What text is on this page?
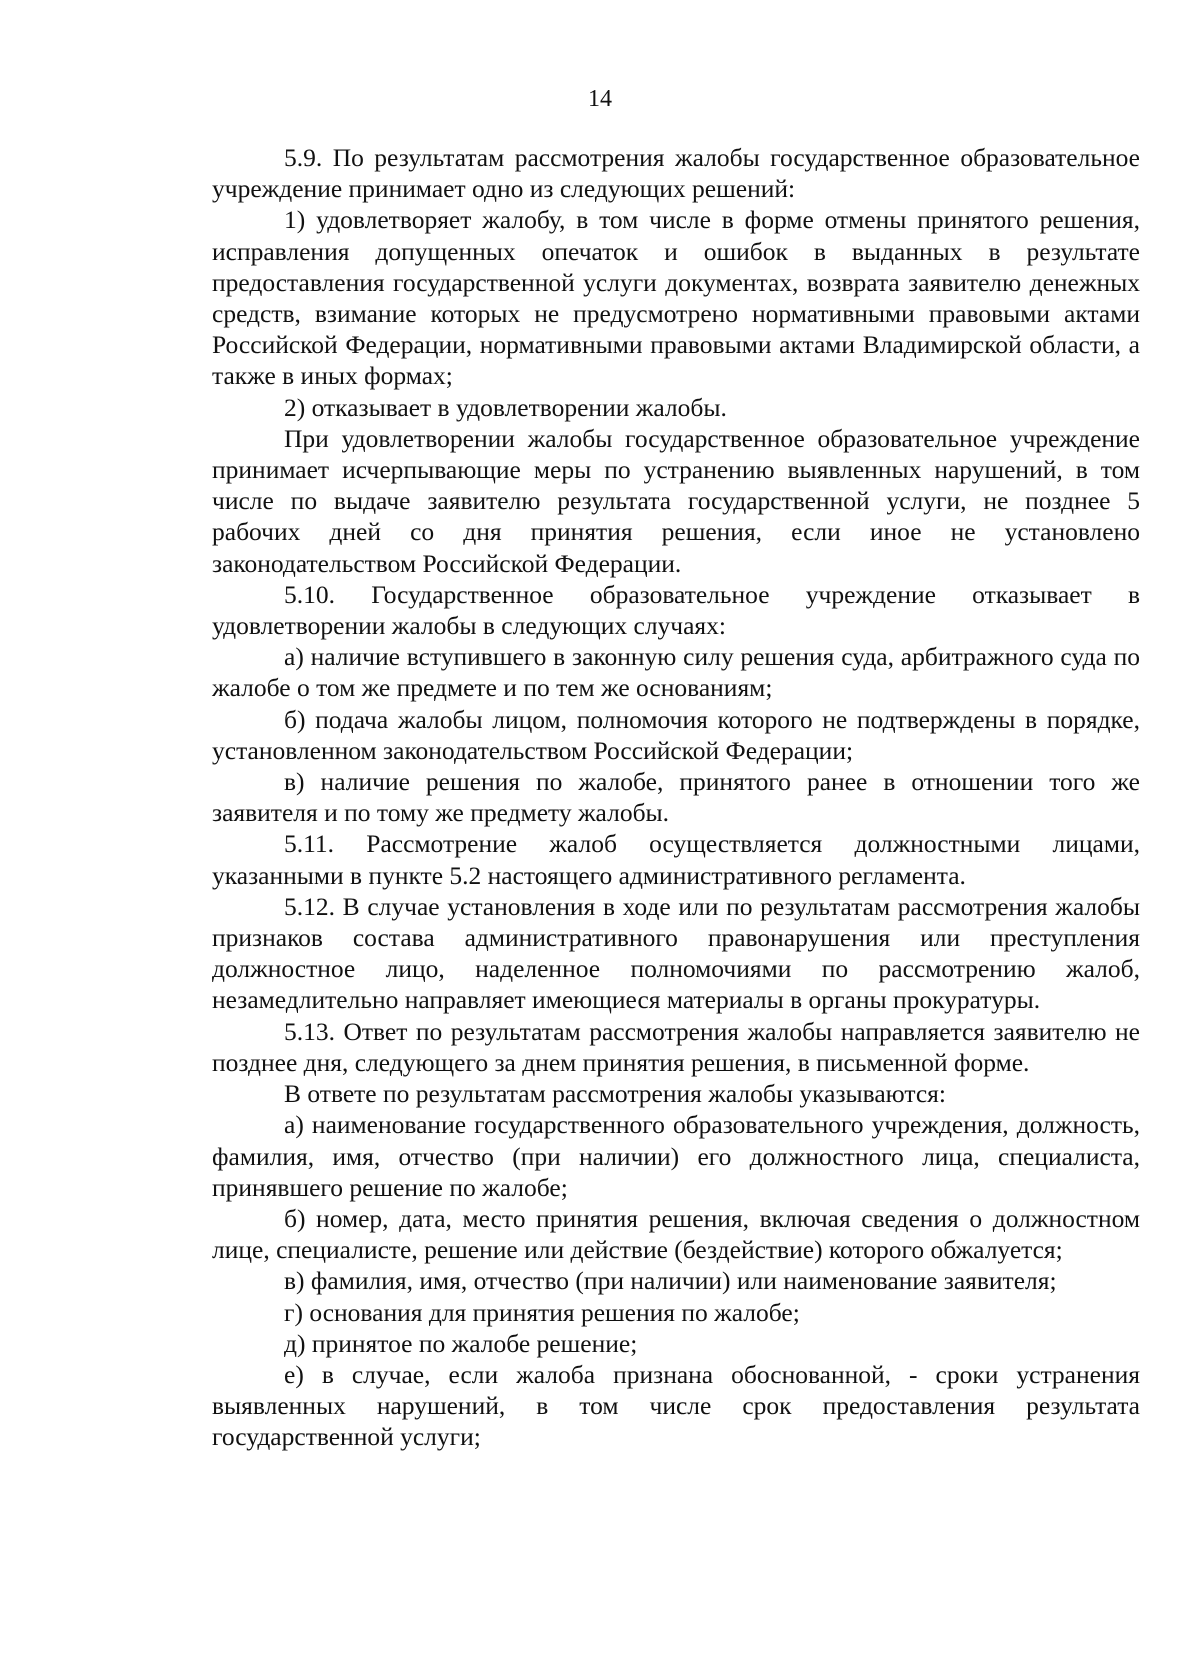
14

5.9. По результатам рассмотрения жалобы государственное образовательное учреждение принимает одно из следующих решений:

1) удовлетворяет жалобу, в том числе в форме отмены принятого решения, исправления допущенных опечаток и ошибок в выданных в результате предоставления государственной услуги документах, возврата заявителю денежных средств, взимание которых не предусмотрено нормативными правовыми актами Российской Федерации, нормативными правовыми актами Владимирской области, а также в иных формах;

2) отказывает в удовлетворении жалобы.

При удовлетворении жалобы государственное образовательное учреждение принимает исчерпывающие меры по устранению выявленных нарушений, в том числе по выдаче заявителю результата государственной услуги, не позднее 5 рабочих дней со дня принятия решения, если иное не установлено законодательством Российской Федерации.

5.10. Государственное образовательное учреждение отказывает в удовлетворении жалобы в следующих случаях:

а) наличие вступившего в законную силу решения суда, арбитражного суда по жалобе о том же предмете и по тем же основаниям;

б) подача жалобы лицом, полномочия которого не подтверждены в порядке, установленном законодательством Российской Федерации;

в) наличие решения по жалобе, принятого ранее в отношении того же заявителя и по тому же предмету жалобы.

5.11. Рассмотрение жалоб осуществляется должностными лицами, указанными в пункте 5.2 настоящего административного регламента.

5.12. В случае установления в ходе или по результатам рассмотрения жалобы признаков состава административного правонарушения или преступления должностное лицо, наделенное полномочиями по рассмотрению жалоб, незамедлительно направляет имеющиеся материалы в органы прокуратуры.

5.13. Ответ по результатам рассмотрения жалобы направляется заявителю не позднее дня, следующего за днем принятия решения, в письменной форме.

В ответе по результатам рассмотрения жалобы указываются:

а) наименование государственного образовательного учреждения, должность, фамилия, имя, отчество (при наличии) его должностного лица, специалиста, принявшего решение по жалобе;

б) номер, дата, место принятия решения, включая сведения о должностном лице, специалисте, решение или действие (бездействие) которого обжалуется;

в) фамилия, имя, отчество (при наличии) или наименование заявителя;

г) основания для принятия решения по жалобе;

д) принятое по жалобе решение;

е) в случае, если жалоба признана обоснованной, - сроки устранения выявленных нарушений, в том числе срок предоставления результата государственной услуги;
